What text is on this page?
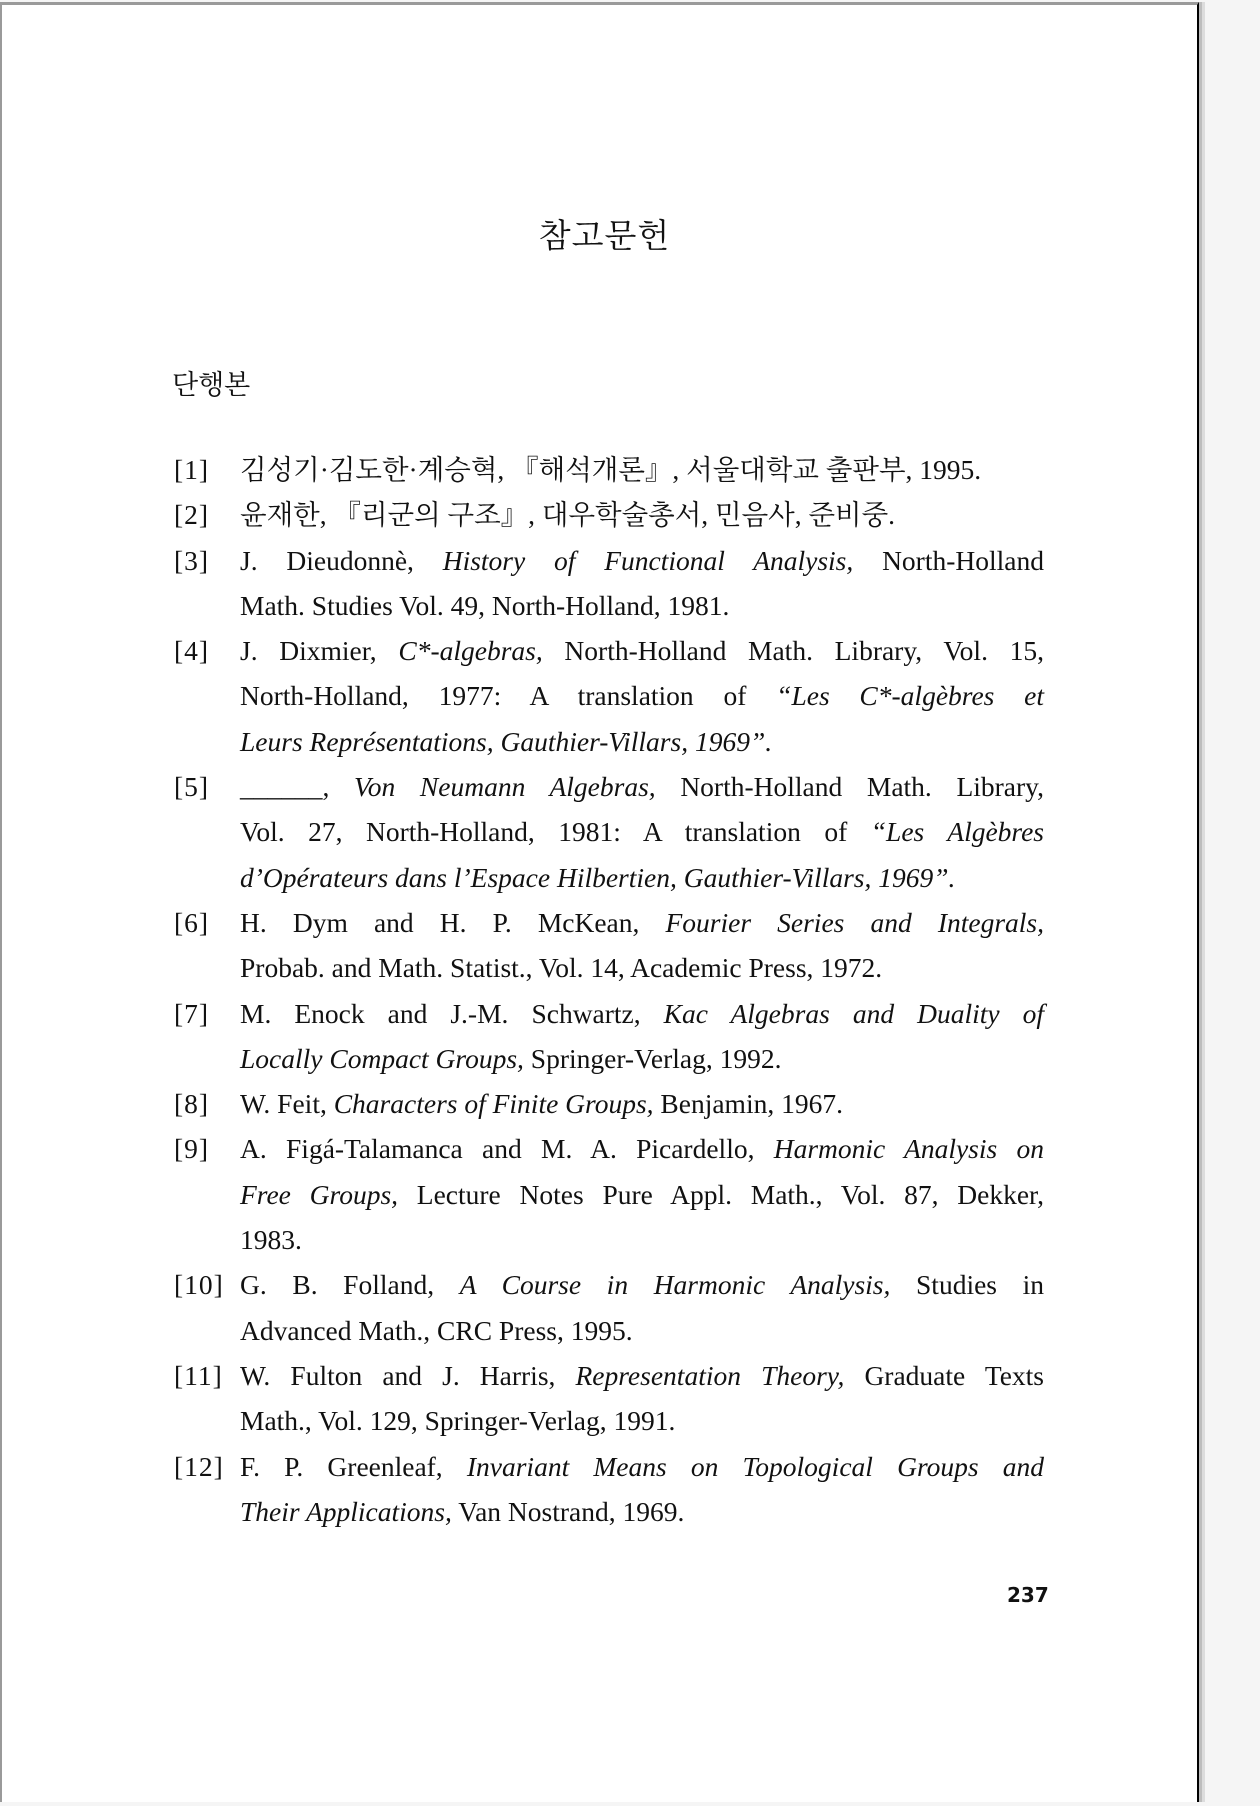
참고문헌
단행본
[1]	김성기·김도한·계승혁, 『해석개론』, 서울대학교 출판부, 1995.
[2]	윤재한, 『리군의 구조』, 대우학술총서, 민음사, 준비중.
[3]	J. Dieudonnè, History of Functional Analysis, North-Holland
Math. Studies Vol. 49, North-Holland, 1981.
[4]	J. Dixmier, C*-algebras, North-Holland Math. Library, Vol. 15,
North-Holland, 1977: A translation of “Les C*-algèbres et
Leurs Représentations, Gauthier-Villars, 1969”.
[5]	______, Von Neumann Algebras, North-Holland Math. Library,
Vol. 27, North-Holland, 1981: A translation of “Les Algèbres
d’Opérateurs dans l’Espace Hilbertien, Gauthier-Villars, 1969”.
[6]	H. Dym and H. P. McKean, Fourier Series and Integrals,
Probab. and Math. Statist., Vol. 14, Academic Press, 1972.
[7]	M. Enock and J.-M. Schwartz, Kac Algebras and Duality of
Locally Compact Groups, Springer-Verlag, 1992.
[8]	W. Feit, Characters of Finite Groups, Benjamin, 1967.
[9]	A. Figá-Talamanca and M. A. Picardello, Harmonic Analysis on
Free Groups, Lecture Notes Pure Appl. Math., Vol. 87, Dekker,
1983.
[10] G. B. Folland, A Course in Harmonic Analysis, Studies in
Advanced Math., CRC Press, 1995.
[11] W. Fulton and J. Harris, Representation Theory, Graduate Texts
Math., Vol. 129, Springer-Verlag, 1991.
[12] F. P. Greenleaf, Invariant Means on Topological Groups and
Their Applications, Van Nostrand, 1969.
237
